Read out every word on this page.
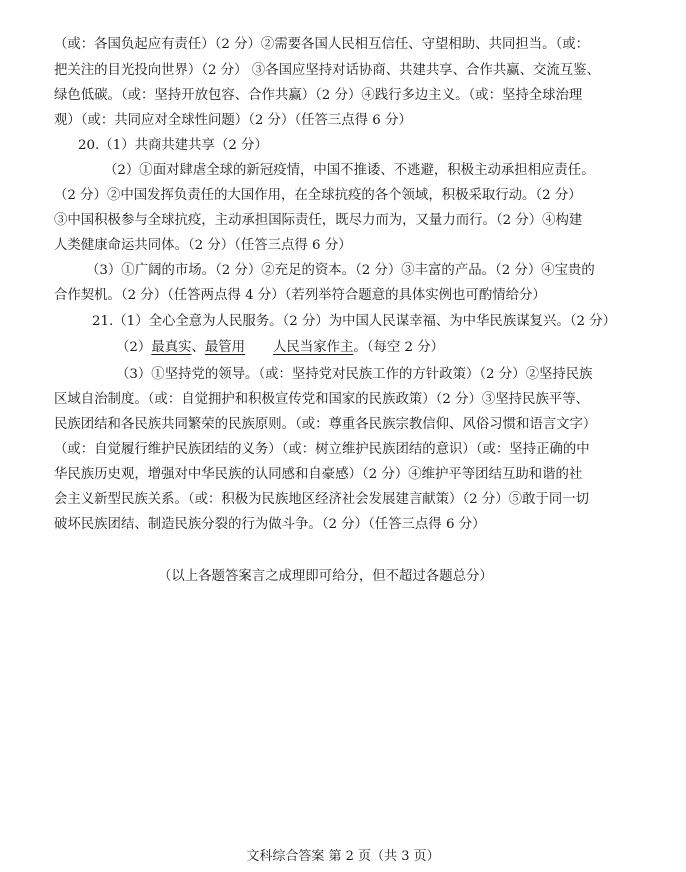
（或：各国负起应有责任）（2 分）②需要各国人民相互信任、守望相助、共同担当。（或：
把关注的目光投向世界）（2 分） ③各国应坚持对话协商、共建共享、合作共赢、交流互鉴、
绿色低碳。（或：坚持开放包容、合作共赢）（2 分）④践行多边主义。（或：坚持全球治理
观）（或：共同应对全球性问题）（2 分）（任答三点得 6 分）
20.（1）共商共建共享（2 分）
（2）①面对肆虐全球的新冠疫情，中国不推诿、不逃避，积极主动承担相应责任。
（2 分）②中国发挥负责任的大国作用，在全球抗疫的各个领域，积极采取行动。（2 分）
③中国积极参与全球抗疫，主动承担国际责任，既尽力而为，又量力而行。（2 分）④构建
人类健康命运共同体。（2 分）（任答三点得 6 分）
（3）①广阔的市场。（2 分）②充足的资本。（2 分）③丰富的产品。（2 分）④宝贵的
合作契机。（2 分）（任答两点得 4 分）（若列举符合题意的具体实例也可酌情给分）
21.（1）全心全意为人民服务。（2 分）为中国人民谋幸福、为中华民族谋复兴。（2 分）
（2）最真实、最管用 人民当家作主。（每空 2 分）
（3）①坚持党的领导。（或：坚持党对民族工作的方针政策）（2 分）②坚持民族
区域自治制度。（或：自觉拥护和积极宣传党和国家的民族政策）（2 分）③坚持民族平等、
民族团结和各民族共同繁荣的民族原则。（或：尊重各民族宗教信仰、风俗习惯和语言文字）
（或：自觉履行维护民族团结的义务）（或：树立维护民族团结的意识）（或：坚持正确的中
华民族历史观，增强对中华民族的认同感和自豪感）（2 分）④维护平等团结互助和谐的社
会主义新型民族关系。（或：积极为民族地区经济社会发展建言献策）（2 分）⑤敢于同一切
破坏民族团结、制造民族分裂的行为做斗争。（2 分）（任答三点得 6 分）
（以上各题答案言之成理即可给分，但不超过各题总分）
文科综合答案 第 2 页（共 3 页）
